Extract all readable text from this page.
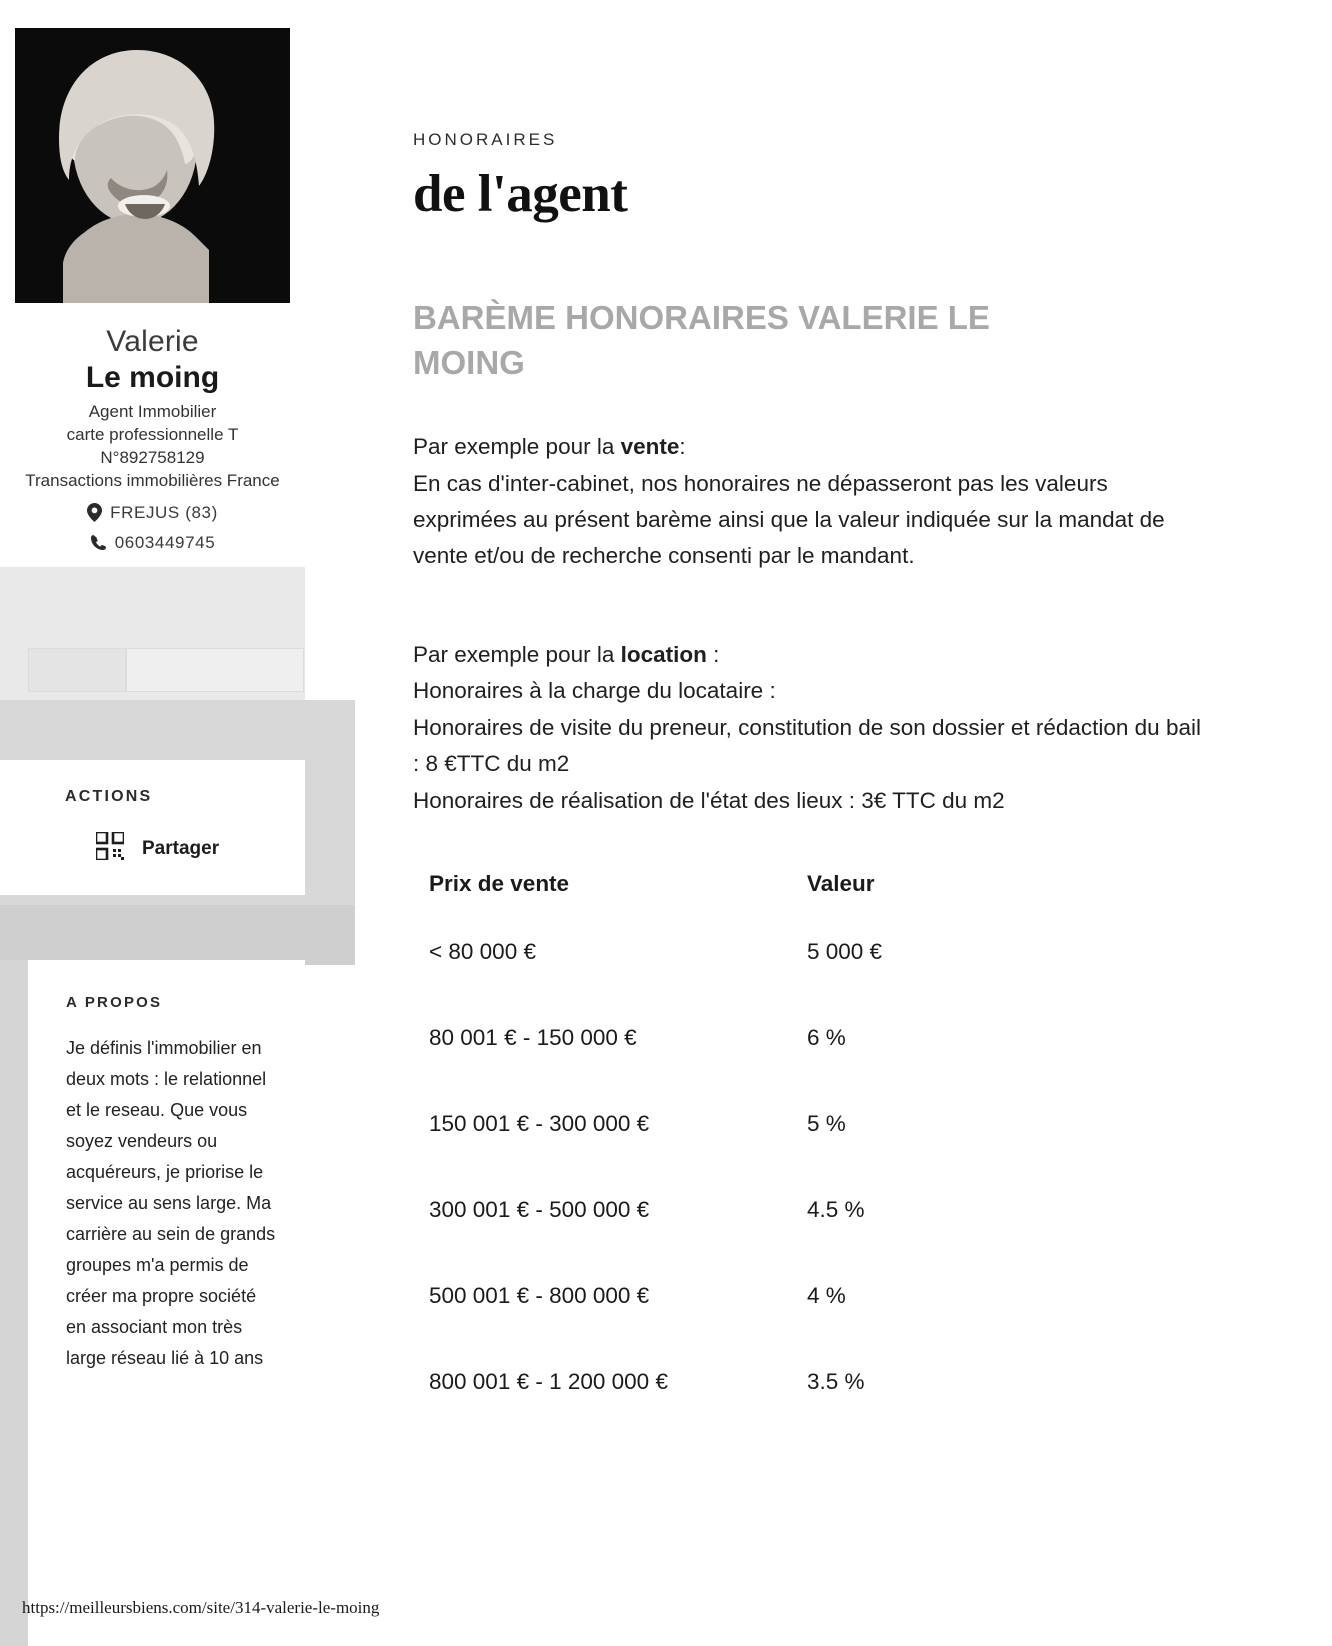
Valerie
Le moing
Agent Immobilier
carte professionnelle T
N°892758129
Transactions immobilières France
FREJUS (83)
0603449745
ACTIONS
Partager
A PROPOS
Je définis l'immobilier en deux mots : le relationnel et le reseau. Que vous soyez vendeurs ou acquéreurs, je priorise le service au sens large. Ma carrière au sein de grands groupes m'a permis de créer ma propre société en associant mon très large réseau lié à 10 ans
HONORAIRES
de l'agent
BARÈME HONORAIRES VALERIE LE MOING
Par exemple pour la vente:
En cas d'inter-cabinet, nos honoraires ne dépasseront pas les valeurs exprimées au présent barème ainsi que la valeur indiquée sur la mandat de vente et/ou de recherche consenti par le mandant.
Par exemple pour la location :
Honoraires à la charge du locataire :
Honoraires de visite du preneur, constitution de son dossier et rédaction du bail : 8 €TTC du m2
Honoraires de réalisation de l'état des lieux : 3€ TTC du m2
Prix de vente	Valeur
< 80 000 €	5 000 €
80 001 € - 150 000 €	6 %
150 001 € - 300 000 €	5 %
300 001 € - 500 000 €	4.5 %
500 001 € - 800 000 €	4 %
800 001 € - 1 200 000 €	3.5 %
https://meilleursbiens.com/site/314-valerie-le-moing
